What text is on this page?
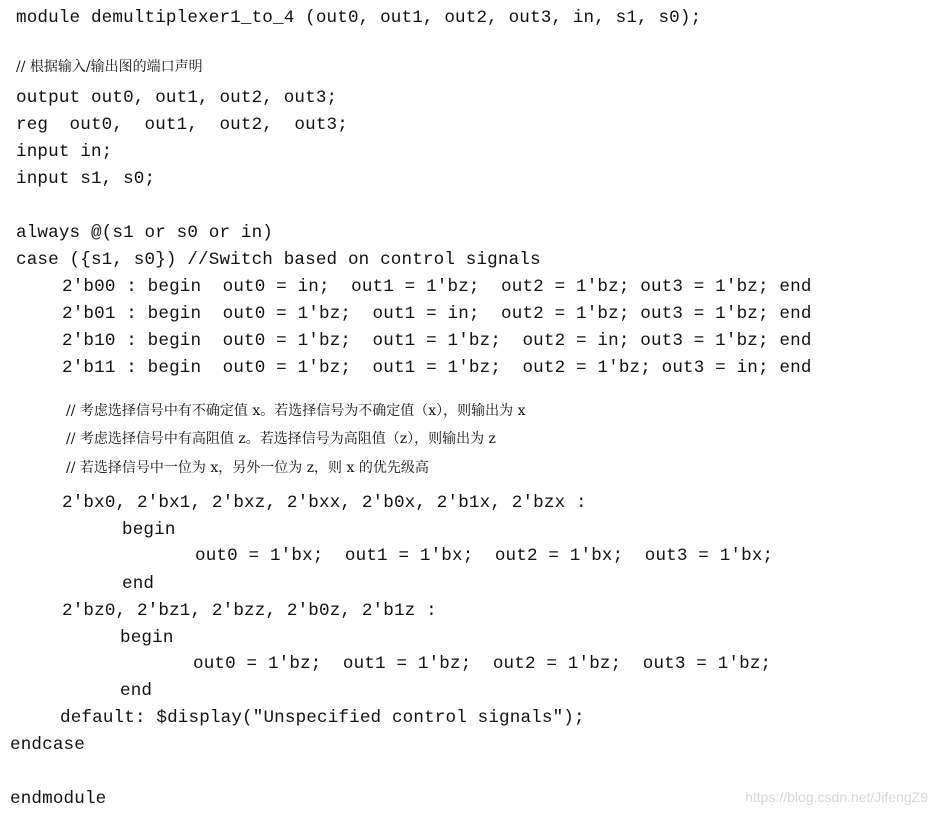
module demultiplexer1_to_4 (out0, out1, out2, out3, in, s1, s0);
// 根据输入/输出图的端口声明
output out0, out1, out2, out3;
reg  out0,  out1,  out2,  out3;
input in;
input s1, s0;
always @(s1 or s0 or in)
case ({s1, s0}) //Switch based on control signals
2'b00 : begin  out0 = in;  out1 = 1'bz;  out2 = 1'bz; out3 = 1'bz; end
2'b01 : begin  out0 = 1'bz;  out1 = in;  out2 = 1'bz; out3 = 1'bz; end
2'b10 : begin  out0 = 1'bz;  out1 = 1'bz;  out2 = in; out3 = 1'bz; end
2'b11 : begin  out0 = 1'bz;  out1 = 1'bz;  out2 = 1'bz; out3 = in; end
// 考虑选择信号中有不确定值 x。若选择信号为不确定值（x），则输出为 x
// 考虑选择信号中有高阻值 z。若选择信号为高阻值（z），则输出为 z
// 若选择信号中一位为 x，另外一位为 z，则 x 的优先级高
2'bx0, 2'bx1, 2'bxz, 2'bxx, 2'b0x, 2'b1x, 2'bzx :
begin
out0 = 1'bx;  out1 = 1'bx;  out2 = 1'bx;  out3 = 1'bx;
end
2'bz0, 2'bz1, 2'bzz, 2'b0z, 2'b1z :
begin
out0 = 1'bz;  out1 = 1'bz;  out2 = 1'bz;  out3 = 1'bz;
end
default: $display("Unspecified control signals");
endcase
endmodule	https://blog.csdn.net/JifengZ9
